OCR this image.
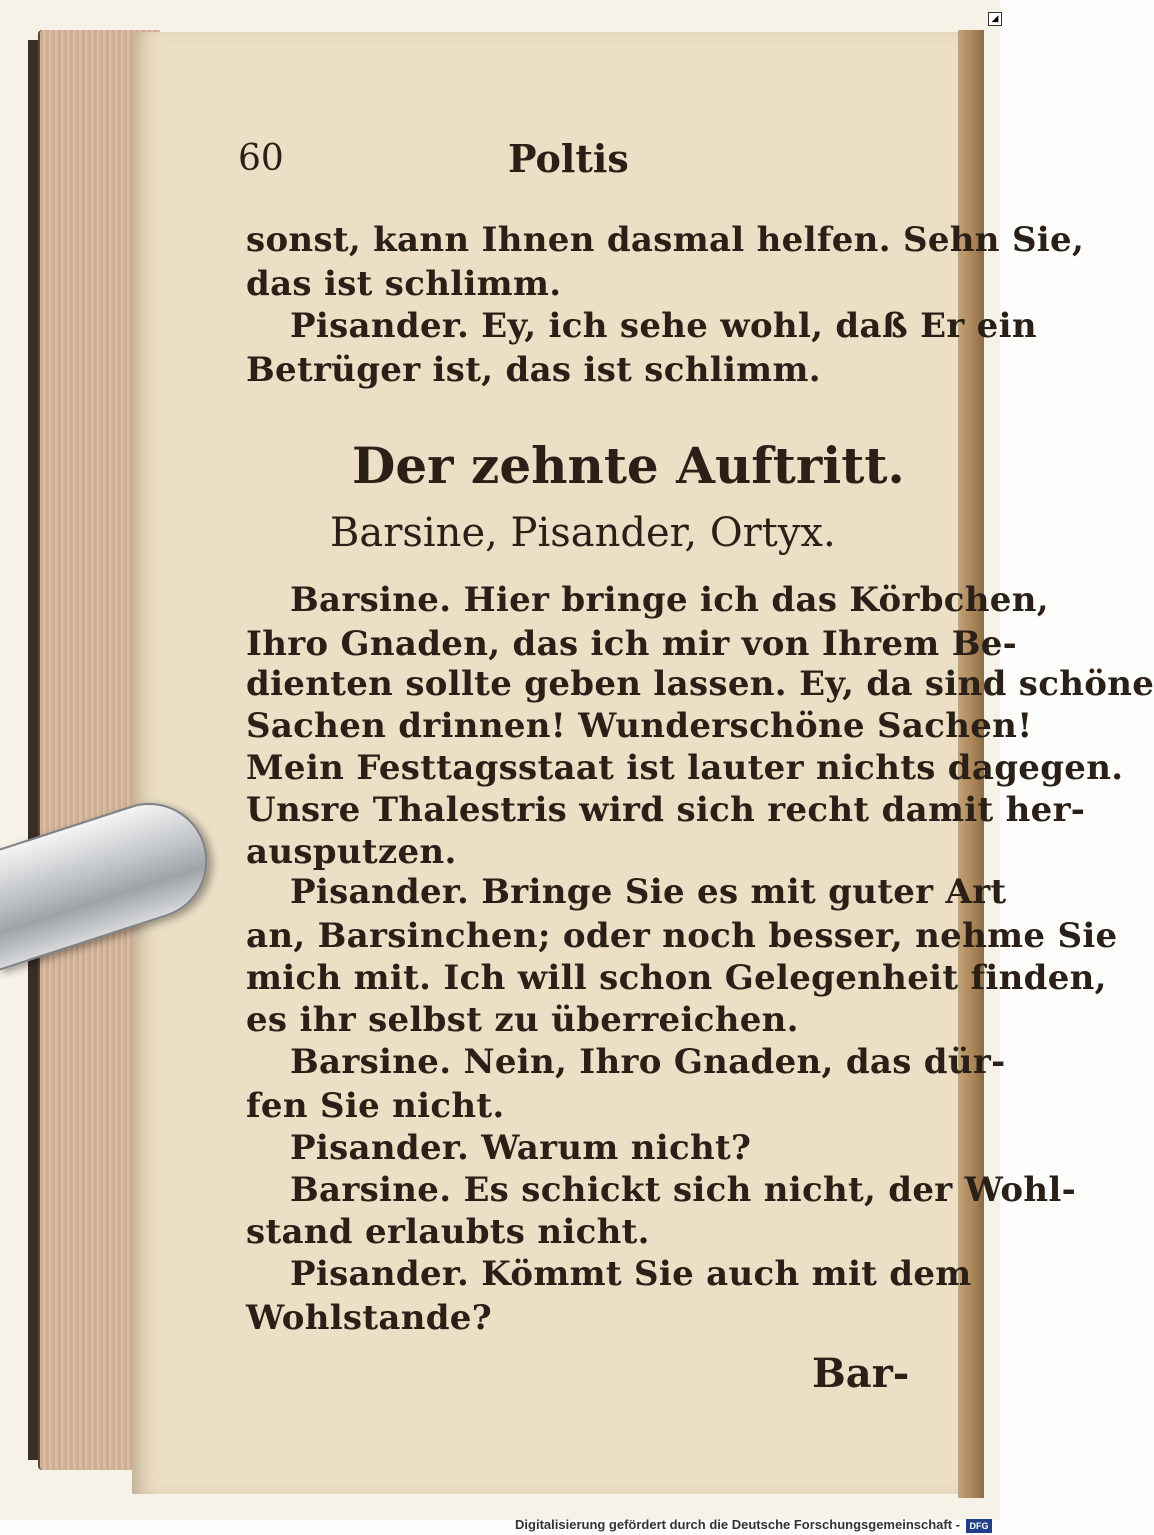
◢
60	Poltis
sonst, kann Ihnen dasmal helfen. Sehn Sie,
das ist schlimm.
Pisander. Ey, ich sehe wohl, daß Er ein
Betrüger ist, das ist schlimm.
Der zehnte Auftritt.
Barsine, Pisander, Ortyx.
Barsine. Hier bringe ich das Körbchen,
Ihro Gnaden, das ich mir von Ihrem Be-
dienten sollte geben lassen. Ey, da sind schöne
Sachen drinnen! Wunderschöne Sachen!
Mein Festtagsstaat ist lauter nichts dagegen.
Unsre Thalestris wird sich recht damit her-
ausputzen.
Pisander. Bringe Sie es mit guter Art
an, Barsinchen; oder noch besser, nehme Sie
mich mit. Ich will schon Gelegenheit finden,
es ihr selbst zu überreichen.
Barsine. Nein, Ihro Gnaden, das dür-
fen Sie nicht.
Pisander. Warum nicht?
Barsine. Es schickt sich nicht, der Wohl-
stand erlaubts nicht.
Pisander. Kömmt Sie auch mit dem
Wohlstande?
Bar-
Digitalisierung gefördert durch die Deutsche Forschungsgemeinschaft -	DFG
